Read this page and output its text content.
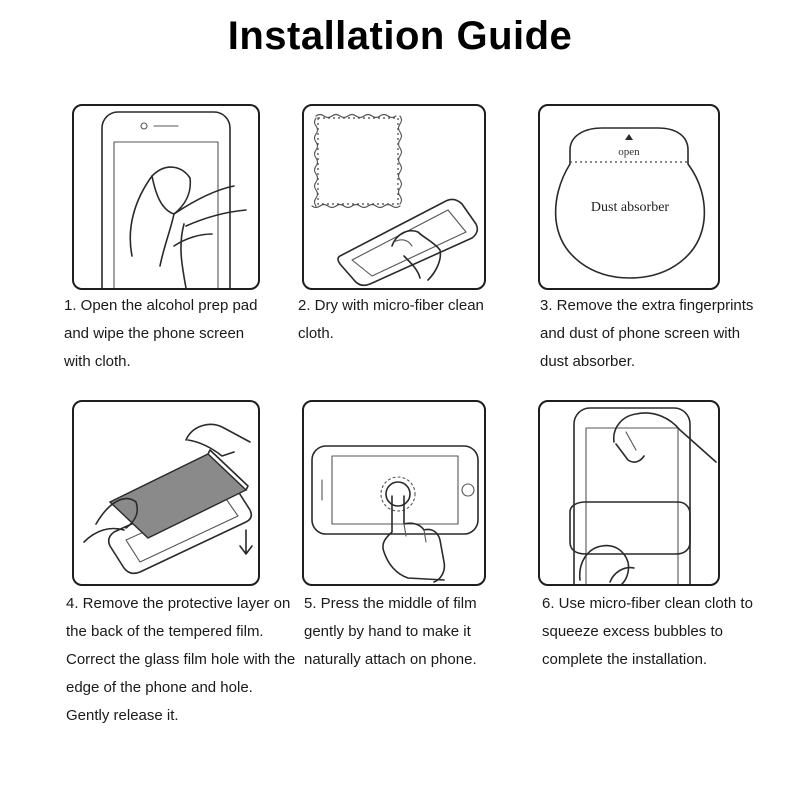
Installation Guide
1. Open the alcohol prep pad and wipe the phone screen with cloth.
2. Dry with micro-fiber clean cloth.
open
Dust absorber
3. Remove the extra fingerprints and dust of phone screen with dust absorber.
4. Remove the protective layer on the back of the tempered film. Correct the glass film hole with the edge of the phone and hole. Gently release it.
5. Press the middle of film gently by hand to make it naturally attach on phone.
6. Use micro-fiber clean cloth to squeeze excess bubbles to complete the installation.
